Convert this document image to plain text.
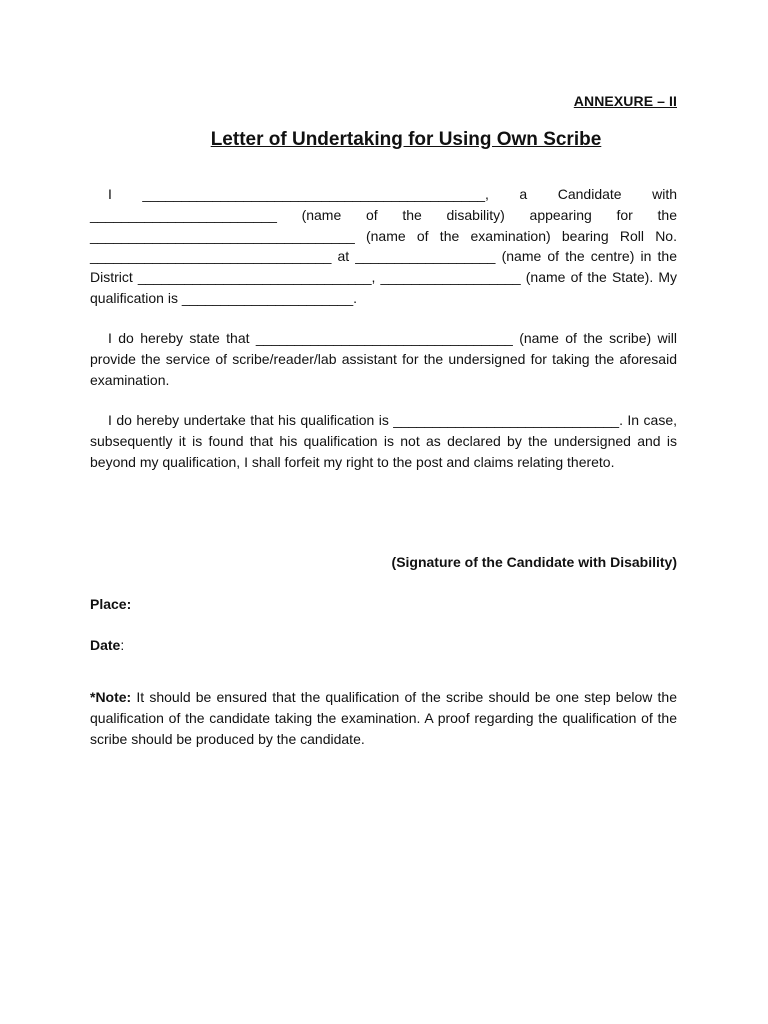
ANNEXURE – II
Letter of Undertaking for Using Own Scribe

I ____________________________________________, a Candidate with ________________________ (name of the disability) appearing for the __________________________________ (name of the examination) bearing Roll No. _______________________________ at __________________ (name of the centre) in the District ______________________________, __________________ (name of the State). My qualification is ______________________.

I do hereby state that _________________________________ (name of the scribe) will provide the service of scribe/reader/lab assistant for the undersigned for taking the aforesaid examination.

I do hereby undertake that his qualification is _____________________________. In case, subsequently it is found that his qualification is not as declared by the undersigned and is beyond my qualification, I shall forfeit my right to the post and claims relating thereto.

(Signature of the Candidate with Disability)
Place:
Date:

*Note: It should be ensured that the qualification of the scribe should be one step below the qualification of the candidate taking the examination. A proof regarding the qualification of the scribe should be produced by the candidate.
